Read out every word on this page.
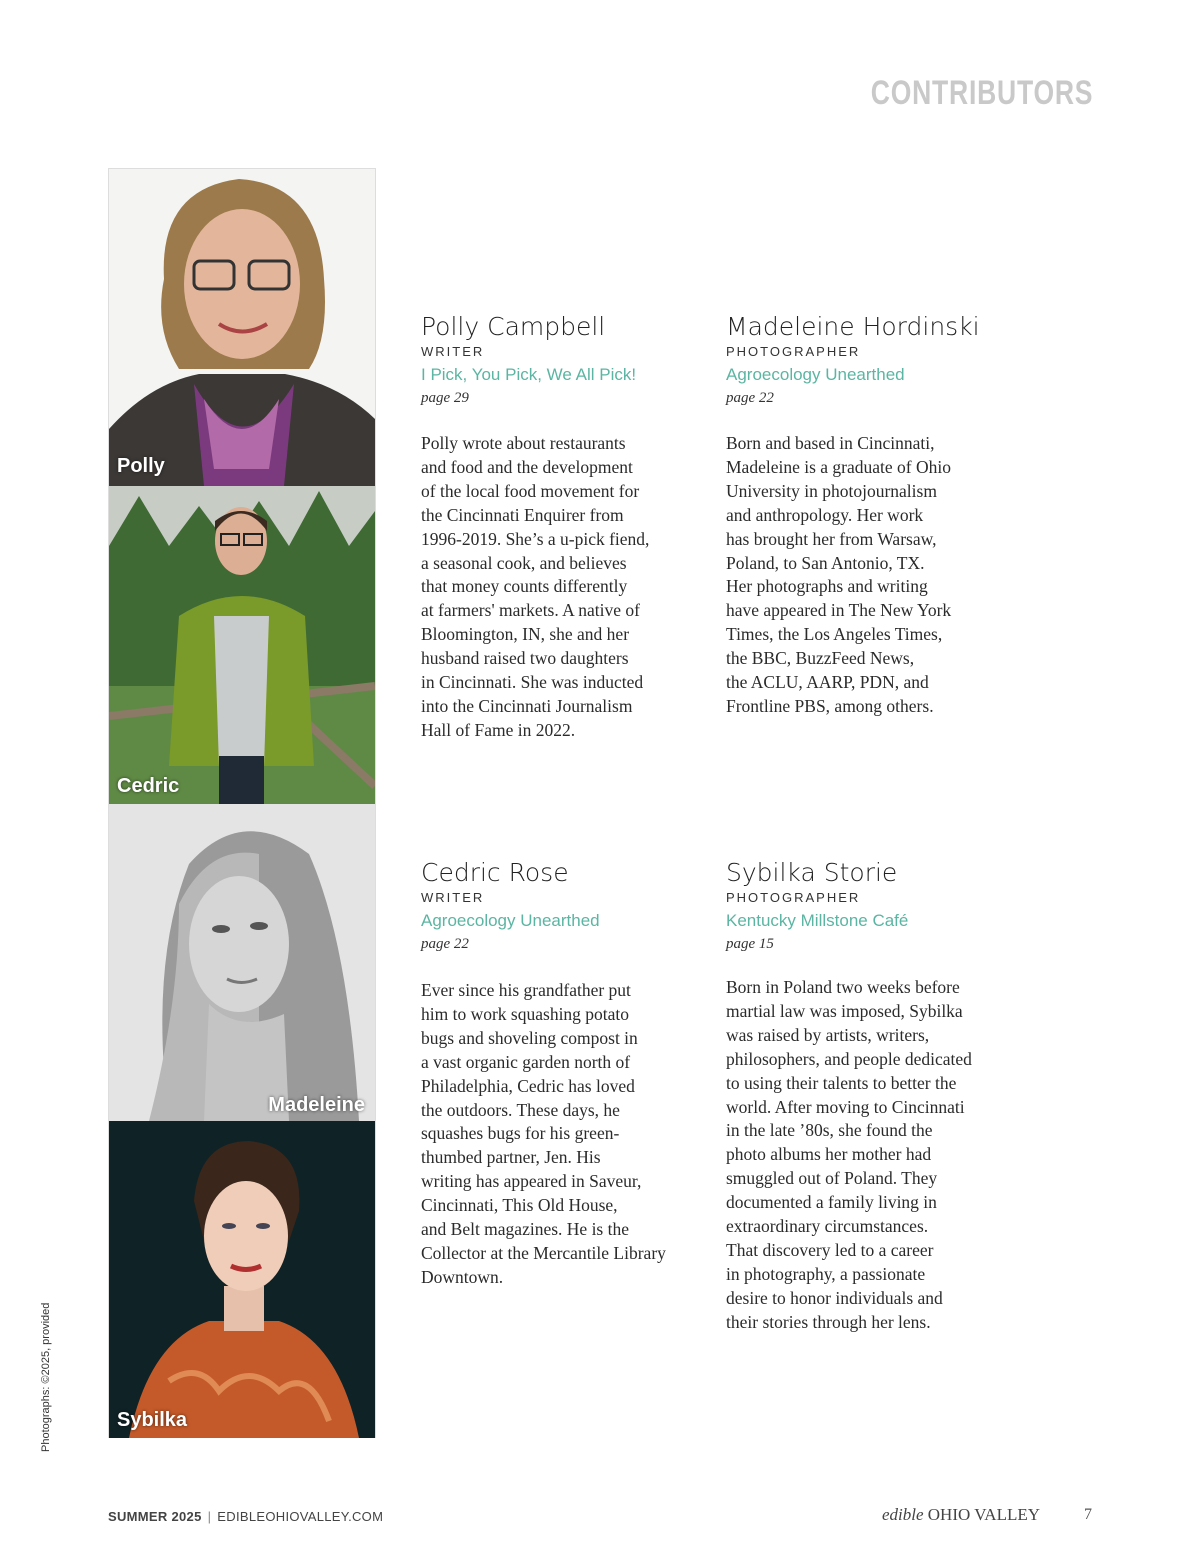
CONTRIBUTORS
Polly
Cedric
Madeleine
Sybilka
Photographs: ©2025, provided
Polly Campbell
WRITER
I Pick, You Pick, We All Pick!
page 29
Polly wrote about restaurants
and food and the development
of the local food movement for
the Cincinnati Enquirer from
1996-2019. She’s a u-pick fiend,
a seasonal cook, and believes
that money counts differently
at farmers' markets. A native of
Bloomington, IN, she and her
husband raised two daughters
in Cincinnati. She was inducted
into the Cincinnati Journalism
Hall of Fame in 2022.
Madeleine Hordinski
PHOTOGRAPHER
Agroecology Unearthed
page 22
Born and based in Cincinnati,
Madeleine is a graduate of Ohio
University in photojournalism
and anthropology. Her work
has brought her from Warsaw,
Poland, to San Antonio, TX.
Her photographs and writing
have appeared in The New York
Times, the Los Angeles Times,
the BBC, BuzzFeed News,
the ACLU, AARP, PDN, and
Frontline PBS, among others.
Cedric Rose
WRITER
Agroecology Unearthed
page 22
Ever since his grandfather put
him to work squashing potato
bugs and shoveling compost in
a vast organic garden north of
Philadelphia, Cedric has loved
the outdoors. These days, he
squashes bugs for his green-
thumbed partner, Jen. His
writing has appeared in Saveur,
Cincinnati, This Old House,
and Belt magazines. He is the
Collector at the Mercantile Library
Downtown.
Sybilka Storie
PHOTOGRAPHER
Kentucky Millstone Café
page 15
Born in Poland two weeks before
martial law was imposed, Sybilka
was raised by artists, writers,
philosophers, and people dedicated
to using their talents to better the
world. After moving to Cincinnati
in the late ’80s, she found the
photo albums her mother had
smuggled out of Poland. They
documented a family living in
extraordinary circumstances.
That discovery led to a career
in photography, a passionate
desire to honor individuals and
their stories through her lens.
SUMMER 2025 | EDIBLEOHIOVALLEY.COM	edible OHIO VALLEY	7
